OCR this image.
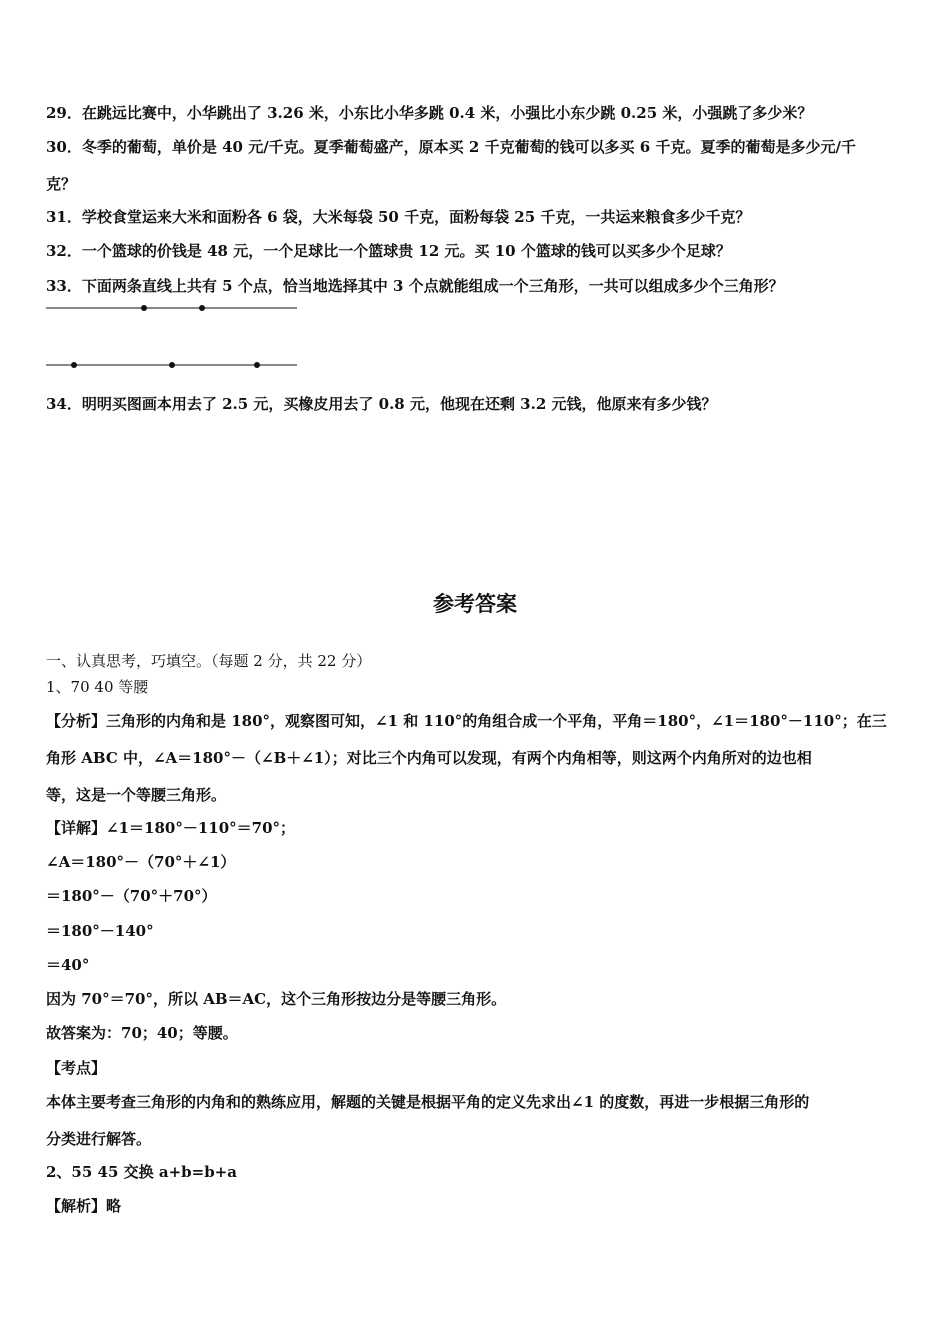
29．在跳远比赛中，小华跳出了 3.26 米，小东比小华多跳 0.4 米，小强比小东少跳 0.25 米，小强跳了多少米？
30．冬季的葡萄，单价是 40 元/千克。夏季葡萄盛产，原本买 2 千克葡萄的钱可以多买 6 千克。夏季的葡萄是多少元/千
克？
31．学校食堂运来大米和面粉各 6 袋，大米每袋 50 千克，面粉每袋 25 千克，一共运来粮食多少千克？
32．一个篮球的价钱是 48 元，一个足球比一个篮球贵 12 元。买 10 个篮球的钱可以买多少个足球？
33．下面两条直线上共有 5 个点，恰当地选择其中 3 个点就能组成一个三角形，一共可以组成多少个三角形？
34．明明买图画本用去了 2.5 元，买橡皮用去了 0.8 元，他现在还剩 3.2 元钱，他原来有多少钱？
参考答案
一、认真思考，巧填空。（每题 2 分，共 22 分）
1、70 40 等腰
【分析】三角形的内角和是 180°，观察图可知，∠1 和 110°的角组合成一个平角，平角＝180°，∠1＝180°－110°；在三
角形 ABC 中，∠A＝180°－（∠B＋∠1）；对比三个内角可以发现，有两个内角相等，则这两个内角所对的边也相
等，这是一个等腰三角形。
【详解】∠1＝180°－110°＝70°；
∠A＝180°－（70°＋∠1）
＝180°－（70°＋70°）
＝180°－140°
＝40°
因为 70°＝70°，所以 AB＝AC，这个三角形按边分是等腰三角形。
故答案为：70；40；等腰。
【考点】
本体主要考查三角形的内角和的熟练应用，解题的关键是根据平角的定义先求出∠1 的度数，再进一步根据三角形的
分类进行解答。
2、55 45 交换 a+b=b+a
【解析】略
